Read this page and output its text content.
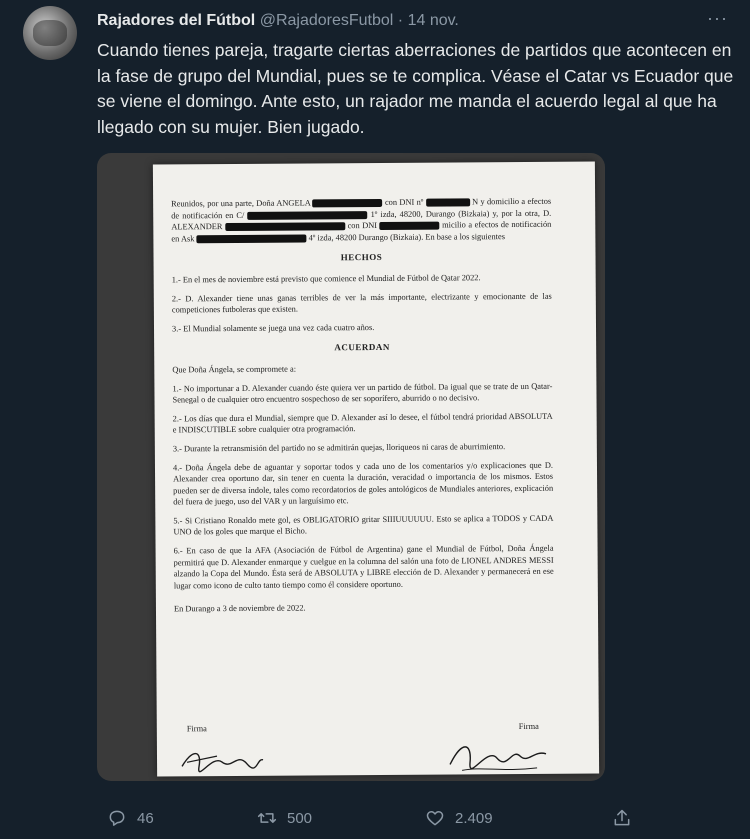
Rajadores del Fútbol @RajadoresFutbol · 14 nov.	···
Cuando tienes pareja, tragarte ciertas aberraciones de partidos que acontecen en la fase de grupo del Mundial, pues se te complica. Véase el Catar vs Ecuador que se viene el domingo. Ante esto, un rajador me manda el acuerdo legal al que ha llegado con su mujer. Bien jugado.

Reunidos, por una parte, Doña ANGELA	con DNI nº	N y domicilio a efectos de notificación en C/	1º izda, 48200, Durango (Bizkaia) y, por la otra, D. ALEXANDER	con DNI	micilio a efectos de notificación en Ask	4º izda, 48200 Durango (Bizkaia). En base a los siguientes

HECHOS

1.- En el mes de noviembre está previsto que comience el Mundial de Fútbol de Qatar 2022.

2.- D. Alexander tiene unas ganas terribles de ver la más importante, electrizante y emocionante de las competiciones futboleras que existen.

3.- El Mundial solamente se juega una vez cada cuatro años.

ACUERDAN

Que Doña Ángela, se compromete a:

1.- No importunar a D. Alexander cuando éste quiera ver un partido de fútbol. Da igual que se trate de un Qatar-Senegal o de cualquier otro encuentro sospechoso de ser soporífero, aburrido o no decisivo.

2.- Los días que dura el Mundial, siempre que D. Alexander así lo desee, el fútbol tendrá prioridad ABSOLUTA e INDISCUTIBLE sobre cualquier otra programación.

3.- Durante la retransmisión del partido no se admitirán quejas, lloriqueos ni caras de aburrimiento.

4.- Doña Ángela debe de aguantar y soportar todos y cada uno de los comentarios y/o explicaciones que D. Alexander crea oportuno dar, sin tener en cuenta la duración, veracidad o importancia de los mismos. Estos pueden ser de diversa índole, tales como recordatorios de goles antológicos de Mundiales anteriores, explicación del fuera de juego, uso del VAR y un larguísimo etc.

5.- Si Cristiano Ronaldo mete gol, es OBLIGATORIO gritar SIIIUUUUUU. Esto se aplica a TODOS y CADA UNO de los goles que marque el Bicho.

6.- En caso de que la AFA (Asociación de Fútbol de Argentina) gane el Mundial de Fútbol, Doña Ángela permitirá que D. Alexander enmarque y cuelgue en la columna del salón una foto de LIONEL ANDRES MESSI alzando la Copa del Mundo. Ésta será de ABSOLUTA y LIBRE elección de D. Alexander y permanecerá en ese lugar como icono de culto tanto tiempo como él considere oportuno.

En Durango a 3 de noviembre de 2022.

Firma	Firma
46	500	2.409
